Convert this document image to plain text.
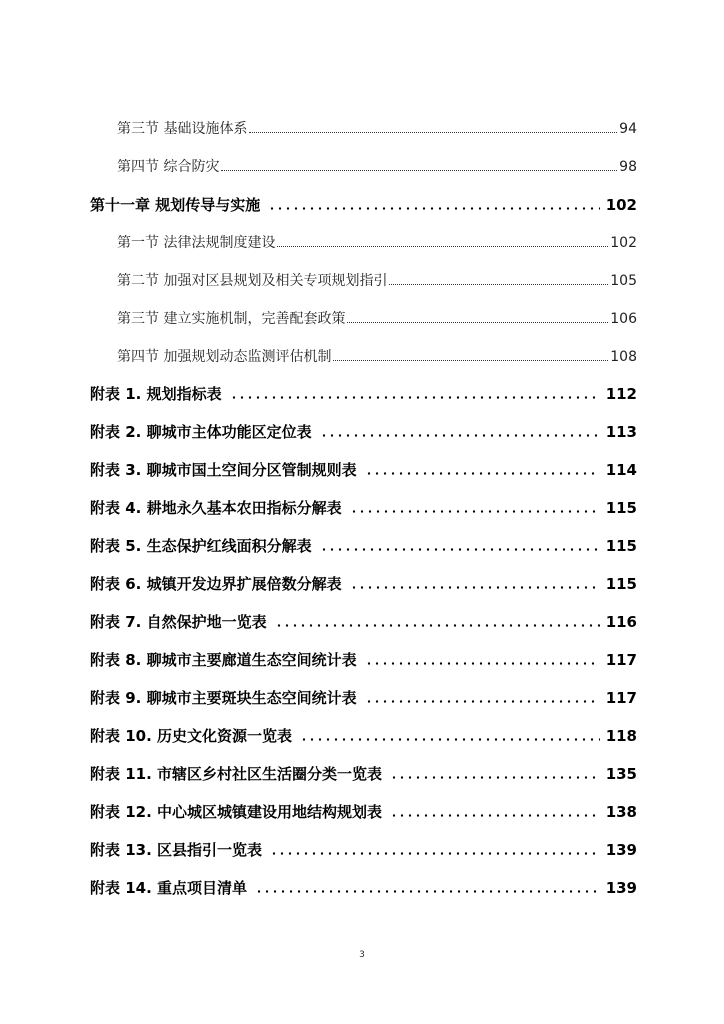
第三节 基础设施体系	94
第四节 综合防灾	98
第十一章 规划传导与实施	102
第一节 法律法规制度建设	102
第二节 加强对区县规划及相关专项规划指引	105
第三节 建立实施机制，完善配套政策	106
第四节 加强规划动态监测评估机制	108
附表 1. 规划指标表	112
附表 2. 聊城市主体功能区定位表	113
附表 3. 聊城市国土空间分区管制规则表	114
附表 4. 耕地永久基本农田指标分解表	115
附表 5. 生态保护红线面积分解表	115
附表 6. 城镇开发边界扩展倍数分解表	115
附表 7. 自然保护地一览表	116
附表 8. 聊城市主要廊道生态空间统计表	117
附表 9. 聊城市主要斑块生态空间统计表	117
附表 10. 历史文化资源一览表	118
附表 11. 市辖区乡村社区生活圈分类一览表	135
附表 12. 中心城区城镇建设用地结构规划表	138
附表 13. 区县指引一览表	139
附表 14. 重点项目清单	139
3
